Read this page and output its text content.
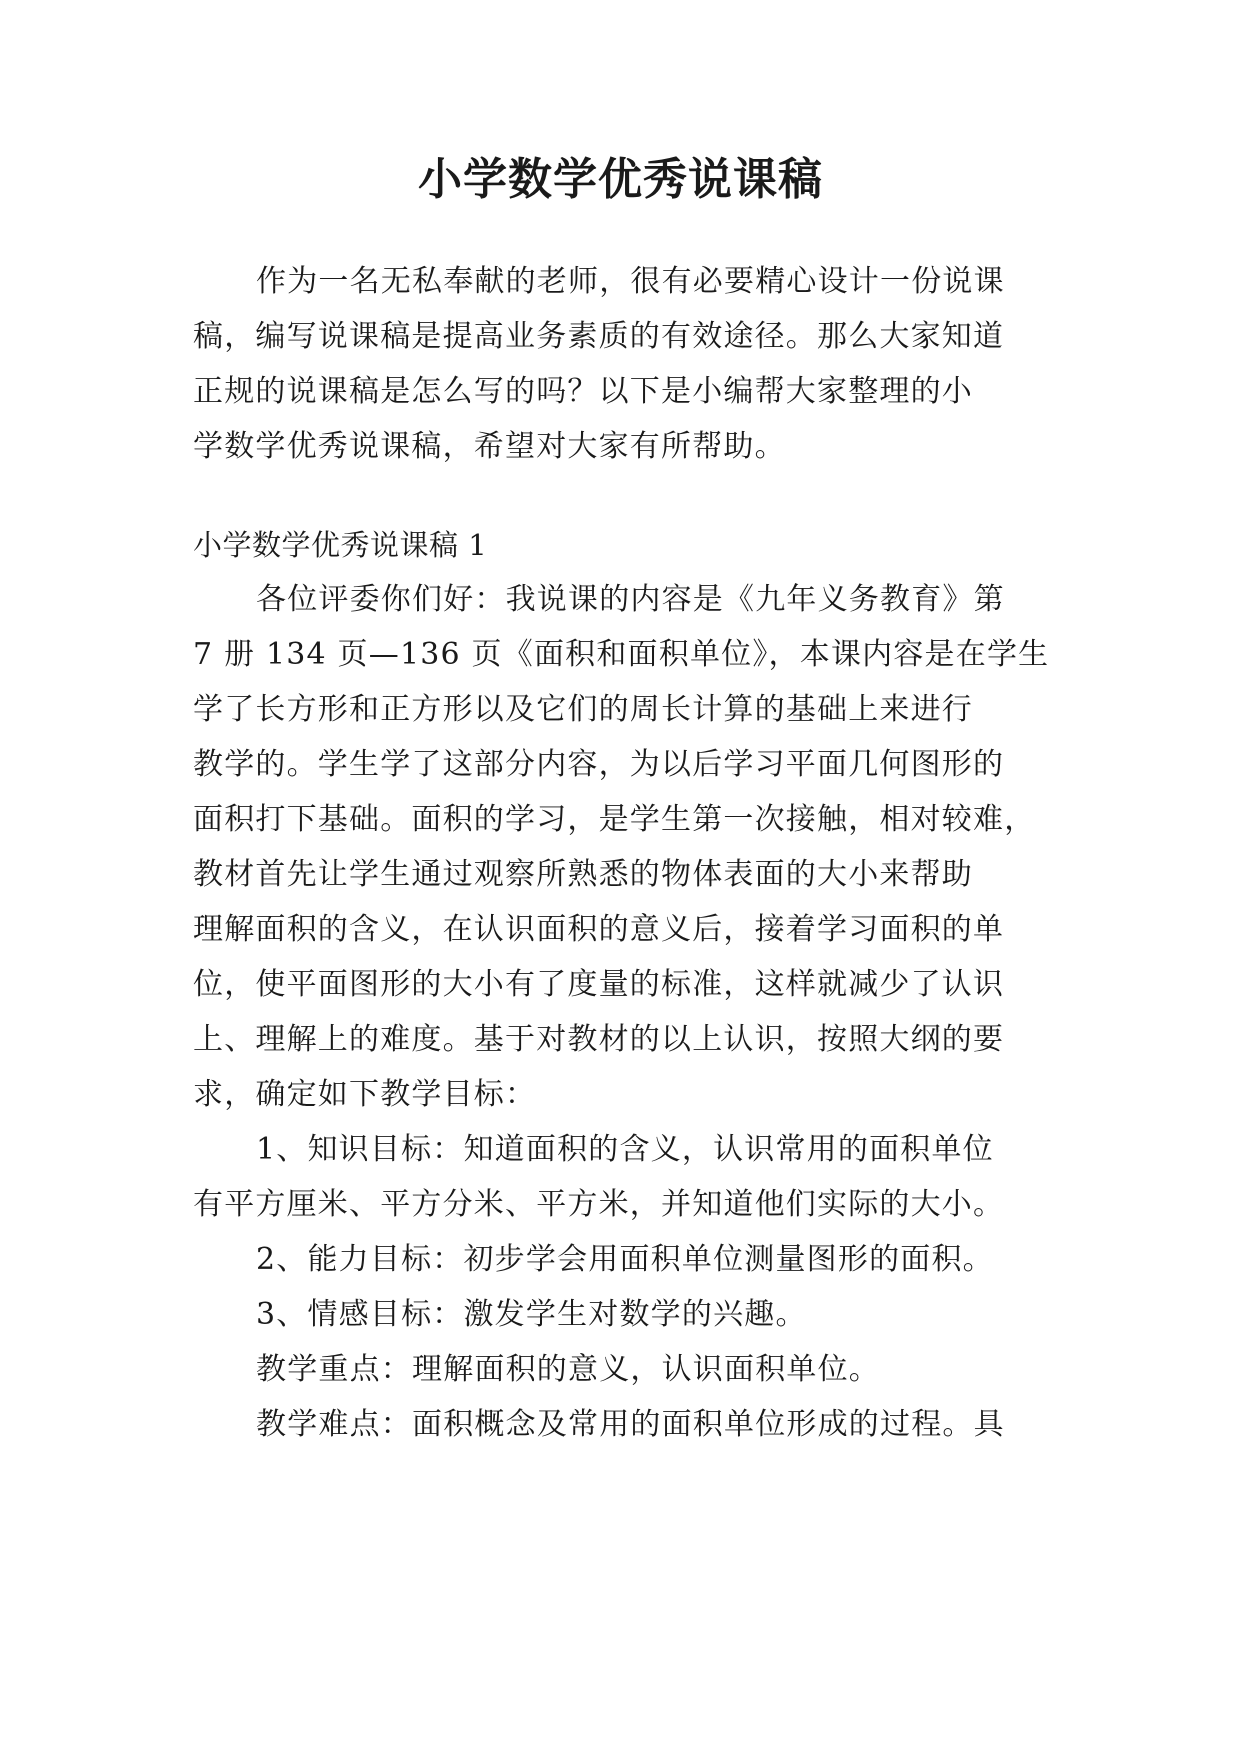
小学数学优秀说课稿
作为一名无私奉献的老师，很有必要精心设计一份说课
稿，编写说课稿是提高业务素质的有效途径。那么大家知道
正规的说课稿是怎么写的吗？以下是小编帮大家整理的小
学数学优秀说课稿，希望对大家有所帮助。
小学数学优秀说课稿 1
各位评委你们好：我说课的内容是《九年义务教育》第
7 册 134 页—136 页《面积和面积单位》，本课内容是在学生
学了长方形和正方形以及它们的周长计算的基础上来进行
教学的。学生学了这部分内容，为以后学习平面几何图形的
面积打下基础。面积的学习，是学生第一次接触，相对较难，
教材首先让学生通过观察所熟悉的物体表面的大小来帮助
理解面积的含义，在认识面积的意义后，接着学习面积的单
位，使平面图形的大小有了度量的标准，这样就减少了认识
上、理解上的难度。基于对教材的以上认识，按照大纲的要
求，确定如下教学目标：
1、知识目标：知道面积的含义，认识常用的面积单位
有平方厘米、平方分米、平方米，并知道他们实际的大小。
2、能力目标：初步学会用面积单位测量图形的面积。
3、情感目标：激发学生对数学的兴趣。
教学重点：理解面积的意义，认识面积单位。
教学难点：面积概念及常用的面积单位形成的过程。具
